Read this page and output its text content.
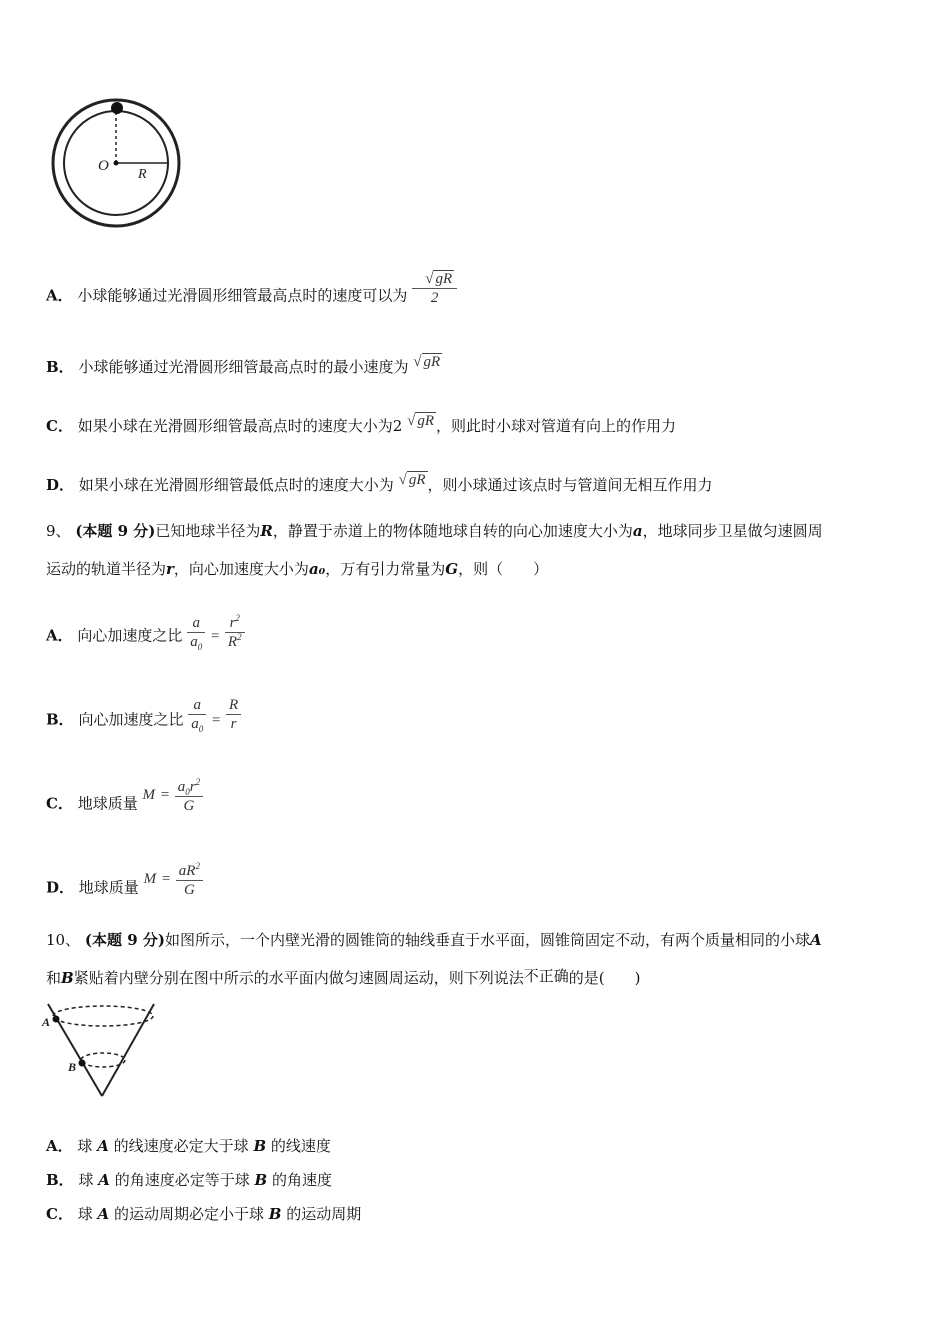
O
R
A． 小球能够通过光滑圆形细管最高点时的速度可以为 $\frac{√ gR}{2}$
B． 小球能够通过光滑圆形细管最高点时的最小速度为 √ gR
C． 如果小球在光滑圆形细管最高点时的速度大小为2 √ gR ，则此时小球对管道有向上的作用力
D． 如果小球在光滑圆形细管最低点时的速度大小为 √ gR ，则小球通过该点时与管道间无相互作用力
9、 (本题 9 分)已知地球半径为R，静置于赤道上的物体随地球自转的向心加速度大小为a，地球同步卫星做匀速圆周
运动的轨道半径为r，向心加速度大小为a₀，万有引力常量为G，则（　　）
A． 向心加速度之比 $\frac{a}{a_0} = \frac{r^2}{R^2}$
B． 向心加速度之比 $\frac{a}{a_0} = \frac{R}{r}$
C． 地球质量 $M = \frac{a_0r^2}{G}$
D． 地球质量 $M = \frac{aR^2}{G}$
10、 (本题 9 分)如图所示，一个内壁光滑的圆锥筒的轴线垂直于水平面，圆锥筒固定不动，有两个质量相同的小球A
和B紧贴着内壁分别在图中所示的水平面内做匀速圆周运动，则下列说法不正确的是(　　)
A
B
A． 球 A 的线速度必定大于球 B 的线速度
B． 球 A 的角速度必定等于球 B 的角速度
C． 球 A 的运动周期必定小于球 B 的运动周期
